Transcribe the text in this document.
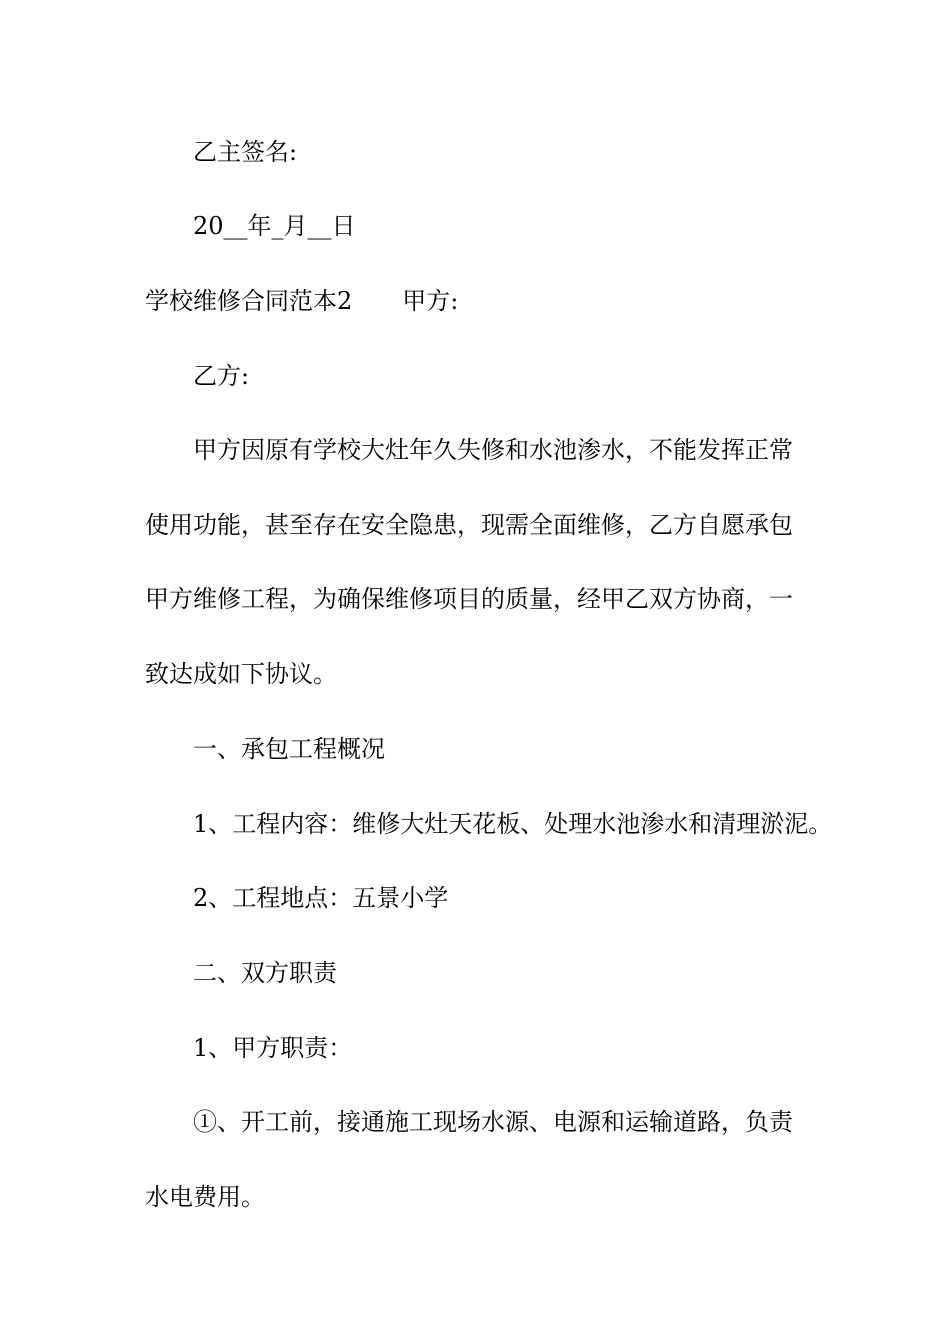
乙主签名:
20__年_月__日
学校维修合同范本2 甲方:
乙方:
甲方因原有学校大灶年久失修和水池渗水，不能发挥正常
使用功能，甚至存在安全隐患，现需全面维修，乙方自愿承包
甲方维修工程，为确保维修项目的质量，经甲乙双方协商，一
致达成如下协议。
一、承包工程概况
1、工程内容：维修大灶天花板、处理水池渗水和清理淤泥。
2、工程地点：五景小学
二、双方职责
1、甲方职责：
①、开工前，接通施工现场水源、电源和运输道路，负责
水电费用。
